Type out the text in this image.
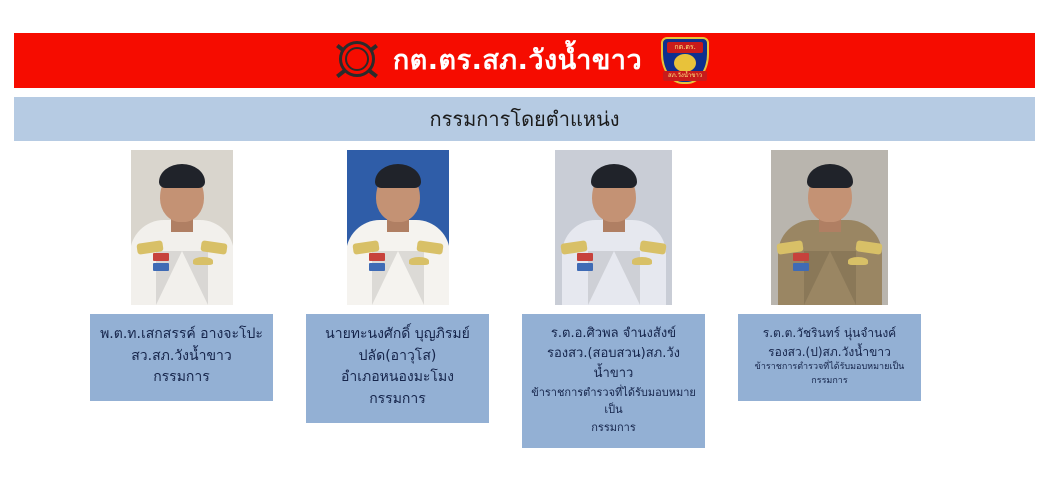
กต.ตร.สภ.วังน้ำขาว	กต.ตร.
สภ.วังน้ำขาว
กรรมการโดยตำแหน่ง
พ.ต.ท.เสกสรรค์ อางจะโปะ
สว.สภ.วังน้ำขาว
กรรมการ
นายทะนงศักดิ์ บุญภิรมย์
ปลัด(อาวุโส)
อำเภอหนองมะโมง
กรรมการ
ร.ต.อ.ศิวพล จำนงสังข์
รองสว.(สอบสวน)สภ.วังน้ำขาว
ข้าราชการตำรวจที่ได้รับมอบหมายเป็น
กรรมการ
ร.ต.ต.วัชรินทร์ นุ่นจำนงค์
รองสว.(ป)สภ.วังน้ำขาว
ข้าราชการตำรวจที่ได้รับมอบหมายเป็น
กรรมการ
